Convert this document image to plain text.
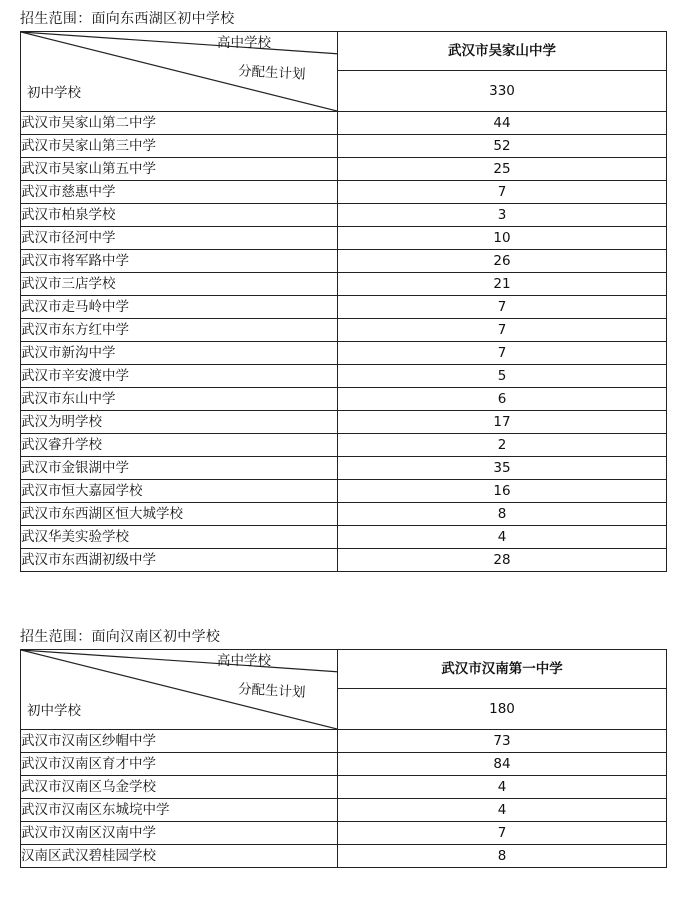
招生范围：面向东西湖区初中学校
高中学校
分配生计划
初中学校	武汉市吴家山中学
	330
武汉市吴家山第二中学	44
武汉市吴家山第三中学	52
武汉市吴家山第五中学	25
武汉市慈惠中学	7
武汉市柏泉学校	3
武汉市径河中学	10
武汉市将军路中学	26
武汉市三店学校	21
武汉市走马岭中学	7
武汉市东方红中学	7
武汉市新沟中学	7
武汉市辛安渡中学	5
武汉市东山中学	6
武汉为明学校	17
武汉睿升学校	2
武汉市金银湖中学	35
武汉市恒大嘉园学校	16
武汉市东西湖区恒大城学校	8
武汉华美实验学校	4
武汉市东西湖初级中学	28
招生范围：面向汉南区初中学校
高中学校
分配生计划
初中学校	武汉市汉南第一中学
	180
武汉市汉南区纱帽中学	73
武汉市汉南区育才中学	84
武汉市汉南区乌金学校	4
武汉市汉南区东城垸中学	4
武汉市汉南区汉南中学	7
汉南区武汉碧桂园学校	8
